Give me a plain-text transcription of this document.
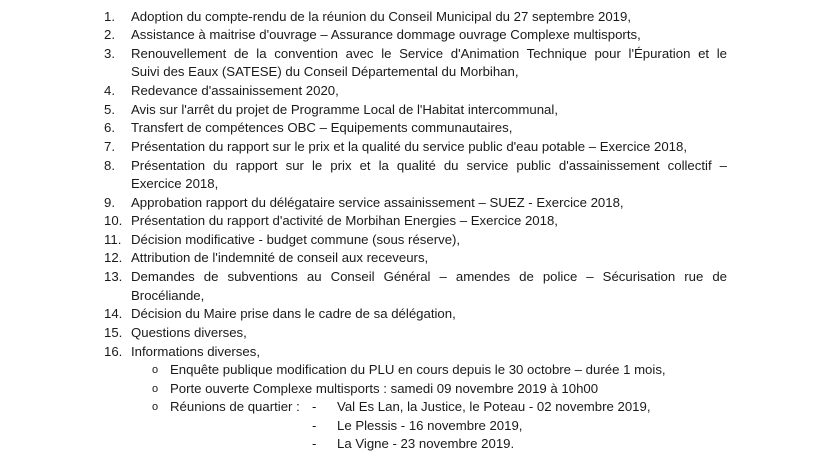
1. Adoption du compte-rendu de la réunion du Conseil Municipal du 27 septembre 2019,
2. Assistance à maitrise d'ouvrage – Assurance dommage ouvrage Complexe multisports,
3. Renouvellement de la convention avec le Service d'Animation Technique pour l'Épuration et le
Suivi des Eaux (SATESE) du Conseil Départemental du Morbihan,
4. Redevance d'assainissement 2020,
5. Avis sur l'arrêt du projet de Programme Local de l'Habitat intercommunal,
6. Transfert de compétences OBC – Equipements communautaires,
7. Présentation du rapport sur le prix et la qualité du service public d'eau potable – Exercice 2018,
8. Présentation du rapport sur le prix et la qualité du service public d'assainissement collectif –
Exercice 2018,
9. Approbation rapport du délégataire service assainissement – SUEZ - Exercice 2018,
10. Présentation du rapport d'activité de Morbihan Energies – Exercice 2018,
11. Décision modificative - budget commune (sous réserve),
12. Attribution de l'indemnité de conseil aux receveurs,
13. Demandes de subventions au Conseil Général – amendes de police – Sécurisation rue de
Brocéliande,
14. Décision du Maire prise dans le cadre de sa délégation,
15. Questions diverses,
16. Informations diverses,
o Enquête publique modification du PLU en cours depuis le 30 octobre – durée 1 mois,
o Porte ouverte Complexe multisports : samedi 09 novembre 2019 à 10h00
o Réunions de quartier : - Val Es Lan, la Justice, le Poteau - 02 novembre 2019,
- Le Plessis - 16 novembre 2019,
- La Vigne - 23 novembre 2019.
